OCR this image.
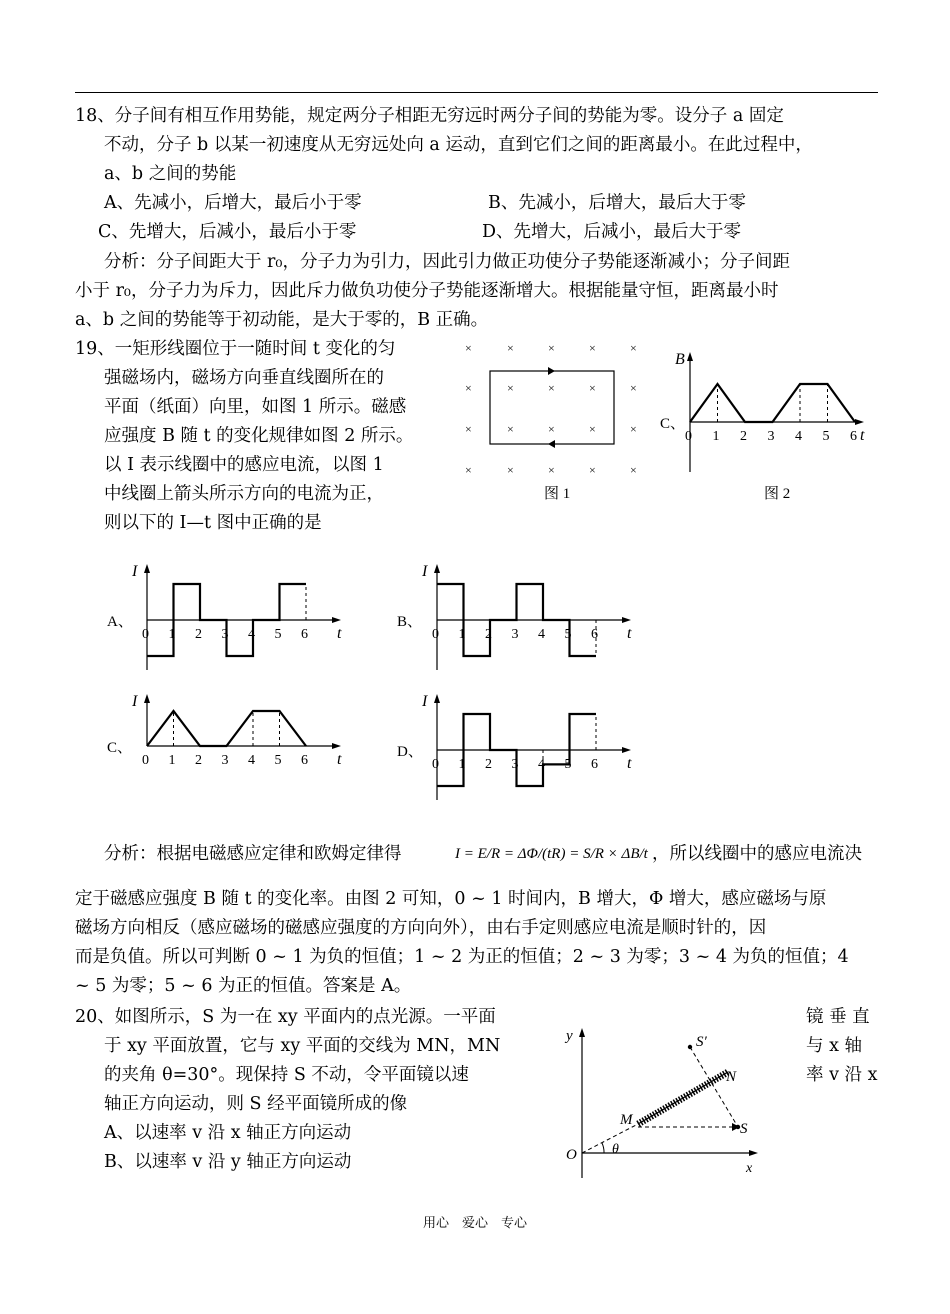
18、分子间有相互作用势能，规定两分子相距无穷远时两分子间的势能为零。设分子 a 固定
不动，分子 b 以某一初速度从无穷远处向 a 运动，直到它们之间的距离最小。在此过程中，
a、b 之间的势能
A、先减小，后增大，最后小于零	B、先减小，后增大，最后大于零
C、先增大，后减小，最后小于零	D、先增大，后减小，最后大于零
分析：分子间距大于 r₀，分子力为引力，因此引力做正功使分子势能逐渐减小；分子间距
小于 r₀，分子力为斥力，因此斥力做负功使分子势能逐渐增大。根据能量守恒，距离最小时
a、b 之间的势能等于初动能，是大于零的，B 正确。
19、一矩形线圈位于一随时间 t 变化的匀
强磁场内，磁场方向垂直线圈所在的
平面（纸面）向里，如图 1 所示。磁感
应强度 B 随 t 的变化规律如图 2 所示。
以 I 表示线圈中的感应电流，以图 1
中线圈上箭头所示方向的电流为正，
则以下的 I—t 图中正确的是
×	×	×	×	×
×	×	×	×	×
×	×	×	×	×
×	×	×	×	×
图 1
B
t
0 1 2 3 4 5 6
C、
图 2
I
t
0 1 2 3 4 5 6
A、
I
t
0 1 2 3 4 5 6
B、
I
t
0 1 2 3 4 5 6
C、
I
t
0 1 2 3 4 5 6
D、
分析：根据电磁感应定律和欧姆定律得	I = E/R = ΔΦ/(tR) = S/R × ΔB/t ，所以线圈中的感应电流决
定于磁感应强度 B 随 t 的变化率。由图 2 可知，0 ~ 1 时间内，B 增大，Φ 增大，感应磁场与原
磁场方向相反（感应磁场的磁感应强度的方向向外），由右手定则感应电流是顺时针的，因
而是负值。所以可判断 0 ~ 1 为负的恒值；1 ~ 2 为正的恒值；2 ~ 3 为零；3 ~ 4 为负的恒值；4
~ 5 为零；5 ~ 6 为正的恒值。答案是 A。
20、如图所示，S 为一在 xy 平面内的点光源。一平面	镜 垂 直
于 xy 平面放置，它与 xy 平面的交线为 MN，MN	与 x 轴
的夹角 θ=30°。现保持 S 不动，令平面镜以速	率 v 沿 x
轴正方向运动，则 S 经平面镜所成的像
A、以速率 v 沿 x 轴正方向运动
B、以速率 v 沿 y 轴正方向运动
y
x
O
S′
S
M
N
θ
用心　爱心　专心
